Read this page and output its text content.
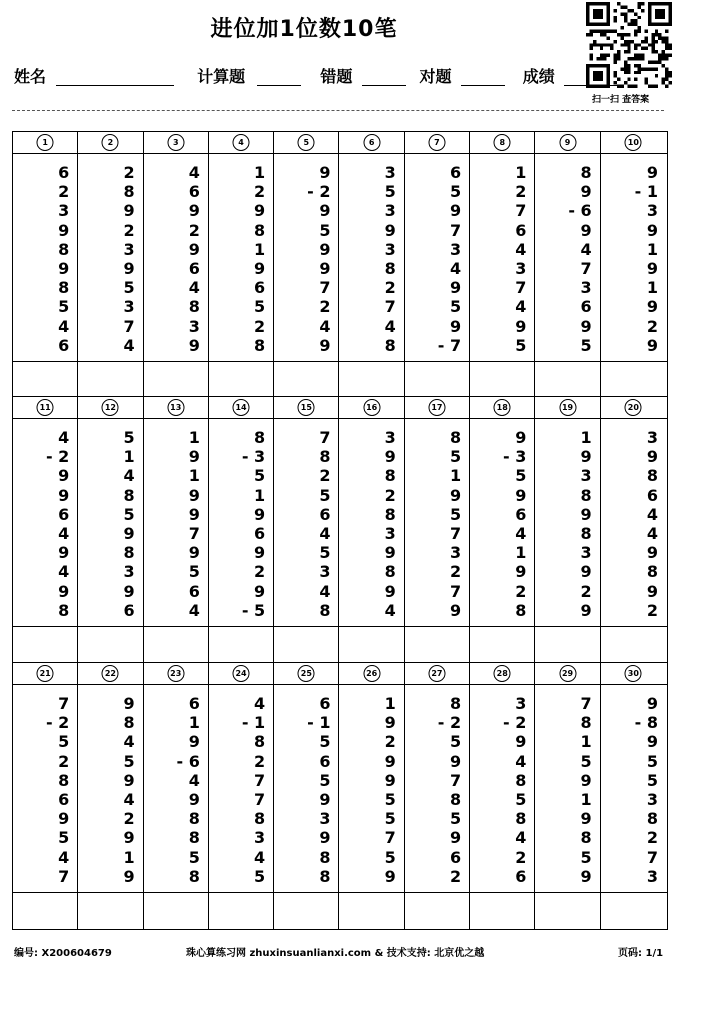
进位加1位数10笔
姓名	计算题	错题	对题	成绩
扫一扫 查答案
1
6
2
3
9
8
9
8
5
4
6
2
2
8
9
2
3
9
5
3
7
4
3
4
6
9
2
9
6
4
8
3
9
4
1
2
9
8
1
9
6
5
2
8
5
9
- 2
9
5
9
9
7
2
4
9
6
3
5
3
9
3
8
2
7
4
8
7
6
5
9
7
3
4
9
5
9
- 7
8
1
2
7
6
4
3
7
4
9
5
9
8
9
- 6
9
4
7
3
6
9
5
10
9
- 1
3
9
1
9
1
9
2
9
11
4
- 2
9
9
6
4
9
4
9
8
12
5
1
4
8
5
9
8
3
9
6
13
1
9
1
9
9
7
9
5
6
4
14
8
- 3
5
1
9
6
9
2
9
- 5
15
7
8
2
5
6
4
5
3
4
8
16
3
9
8
2
8
3
9
8
9
4
17
8
5
1
9
5
7
3
2
7
9
18
9
- 3
5
9
6
4
1
9
2
8
19
1
9
3
8
9
8
3
9
2
9
20
3
9
8
6
4
4
9
8
9
2
21
7
- 2
5
2
8
6
9
5
4
7
22
9
8
4
5
9
4
2
9
1
9
23
6
1
9
- 6
4
9
8
8
5
8
24
4
- 1
8
2
7
7
8
3
4
5
25
6
- 1
5
6
5
9
3
9
8
8
26
1
9
2
9
9
5
5
7
5
9
27
8
- 2
5
9
7
8
5
9
6
2
28
3
- 2
9
4
8
5
8
4
2
6
29
7
8
1
5
9
1
9
8
5
9
30
9
- 8
9
5
5
3
8
2
7
3
编号: X200604679	珠心算练习网 zhuxinsuanlianxi.com & 技术支持: 北京优之越	页码: 1/1
